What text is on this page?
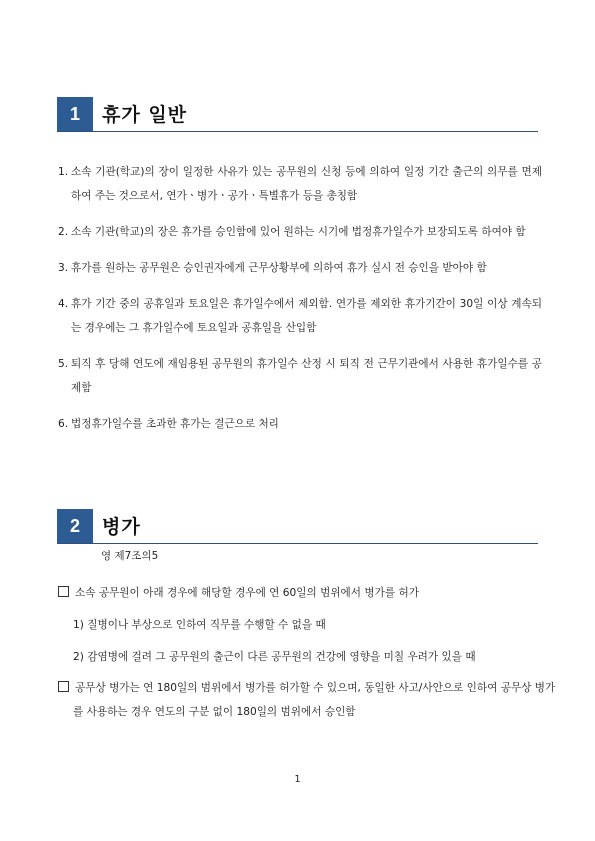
1	휴가 일반
1. 소속 기관(학교)의 장이 일정한 사유가 있는 공무원의 신청 등에 의하여 일정 기간 출근의 의무를 면제하여 주는 것으로서, 연가ㆍ병가ㆍ공가ㆍ특별휴가 등을 총칭함
2. 소속 기관(학교)의 장은 휴가를 승인함에 있어 원하는 시기에 법정휴가일수가 보장되도록 하여야 함
3. 휴가를 원하는 공무원은 승인권자에게 근무상황부에 의하여 휴가 실시 전 승인을 받아야 함
4. 휴가 기간 중의 공휴일과 토요일은 휴가일수에서 제외함. 연가를 제외한 휴가기간이 30일 이상 계속되는 경우에는 그 휴가일수에 토요일과 공휴일을 산입함
5. 퇴직 후 당해 연도에 재임용된 공무원의 휴가일수 산정 시 퇴직 전 근무기관에서 사용한 휴가일수를 공제함
6. 법정휴가일수를 초과한 휴가는 결근으로 처리
2	병가
영 제7조의5
소속 공무원이 아래 경우에 해당할 경우에 연 60일의 범위에서 병가를 허가
1) 질병이나 부상으로 인하여 직무를 수행할 수 없을 때
2) 감염병에 걸려 그 공무원의 출근이 다른 공무원의 건강에 영향을 미칠 우려가 있을 때
공무상 병가는 연 180일의 범위에서 병가를 허가할 수 있으며, 동일한 사고/사안으로 인하여 공무상 병가를 사용하는 경우 연도의 구분 없이 180일의 범위에서 승인함
1
